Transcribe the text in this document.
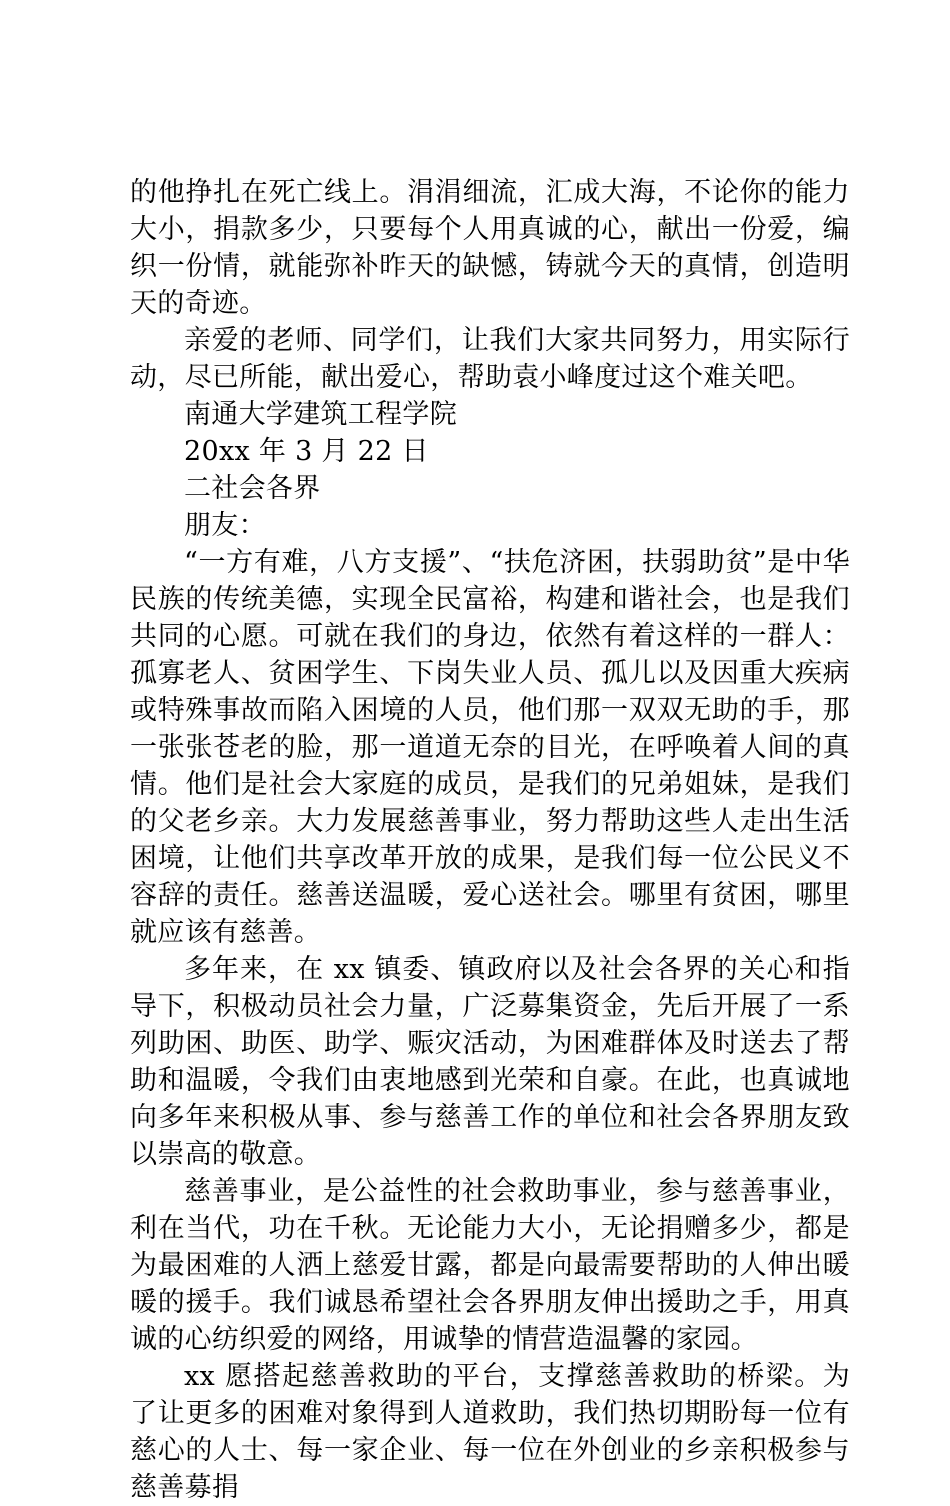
的他挣扎在死亡线上。涓涓细流，汇成大海，不论你的能力大小，捐款多少，只要每个人用真诚的心，献出一份爱，编织一份情，就能弥补昨天的缺憾，铸就今天的真情，创造明天的奇迹。

亲爱的老师、同学们，让我们大家共同努力，用实际行动，尽已所能，献出爱心，帮助袁小峰度过这个难关吧。

南通大学建筑工程学院

20xx 年 3 月 22 日

二社会各界

朋友：

“一方有难，八方支援”、“扶危济困，扶弱助贫”是中华民族的传统美德，实现全民富裕，构建和谐社会，也是我们共同的心愿。可就在我们的身边，依然有着这样的一群人：孤寡老人、贫困学生、下岗失业人员、孤儿以及因重大疾病或特殊事故而陷入困境的人员，他们那一双双无助的手，那一张张苍老的脸，那一道道无奈的目光，在呼唤着人间的真情。他们是社会大家庭的成员，是我们的兄弟姐妹，是我们的父老乡亲。大力发展慈善事业，努力帮助这些人走出生活困境，让他们共享改革开放的成果，是我们每一位公民义不容辞的责任。慈善送温暖，爱心送社会。哪里有贫困，哪里就应该有慈善。

多年来，在 xx 镇委、镇政府以及社会各界的关心和指导下，积极动员社会力量，广泛募集资金，先后开展了一系列助困、助医、助学、赈灾活动，为困难群体及时送去了帮助和温暖，令我们由衷地感到光荣和自豪。在此，也真诚地向多年来积极从事、参与慈善工作的单位和社会各界朋友致以崇高的敬意。

慈善事业，是公益性的社会救助事业，参与慈善事业，利在当代，功在千秋。无论能力大小，无论捐赠多少，都是为最困难的人洒上慈爱甘露，都是向最需要帮助的人伸出暖暖的援手。我们诚恳希望社会各界朋友伸出援助之手，用真诚的心纺织爱的网络，用诚挚的情营造温馨的家园。

xx 愿搭起慈善救助的平台，支撑慈善救助的桥梁。为了让更多的困难对象得到人道救助，我们热切期盼每一位有慈心的人士、每一家企业、每一位在外创业的乡亲积极参与慈善募捐
